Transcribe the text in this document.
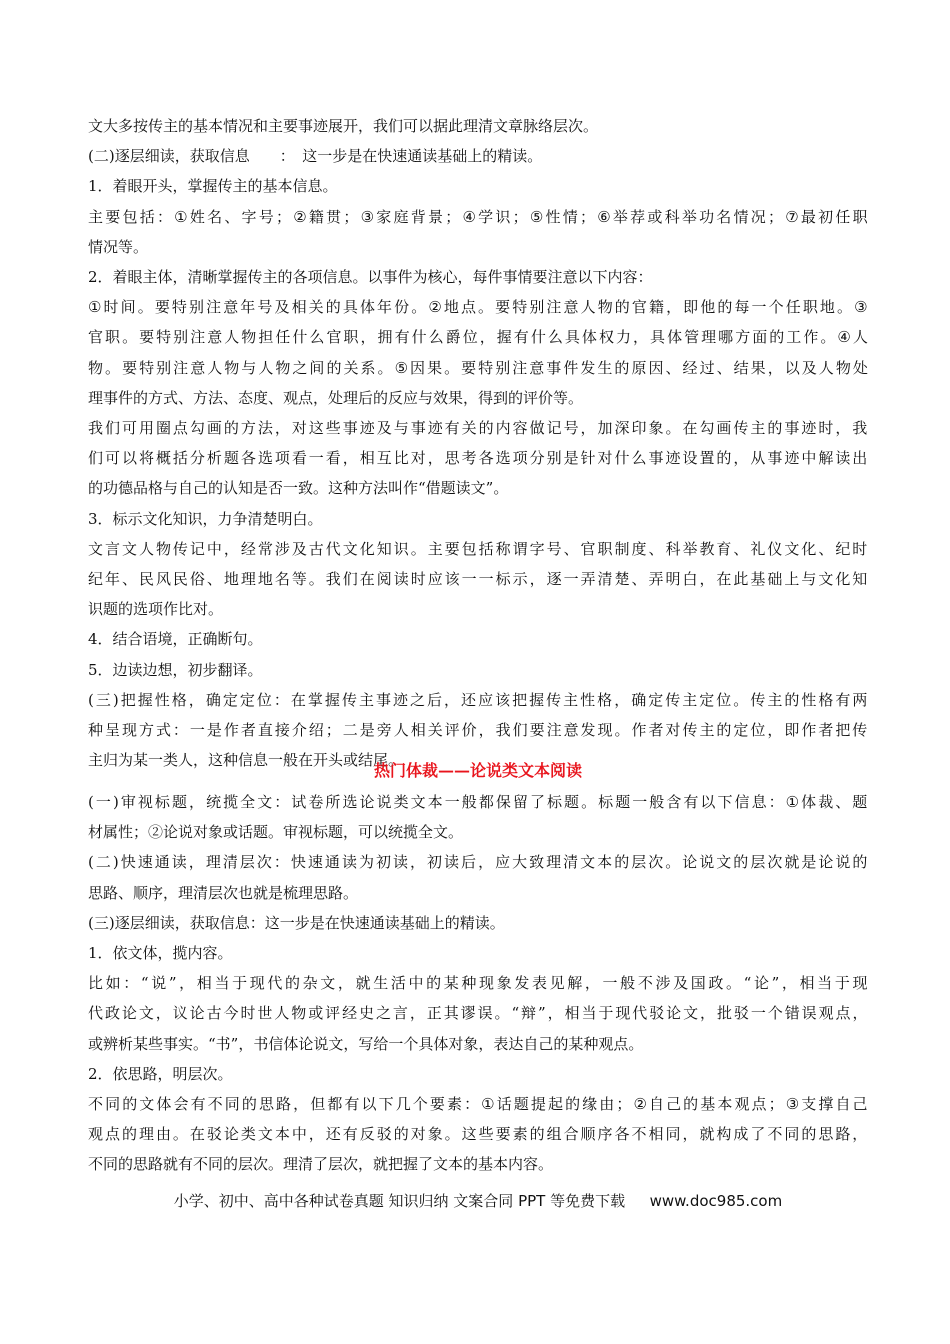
文大多按传主的基本情况和主要事迹展开，我们可以据此理清文章脉络层次。
(二)逐层细读，获取信息　　：　这一步是在快速通读基础上的精读。
1．着眼开头，掌握传主的基本信息。
主 要 包 括 ： ① 姓 名 、 字 号 ； ② 籍 贯 ； ③ 家 庭 背 景 ； ④ 学 识 ； ⑤ 性 情 ； ⑥ 举 荐 或 科 举 功 名 情 况 ； ⑦ 最 初 任 职
情况等。
2．着眼主体，清晰掌握传主的各项信息。以事件为核心，每件事情要注意以下内容：
① 时 间 。 要 特 别 注 意 年 号 及 相 关 的 具 体 年 份 。 ② 地 点 。 要 特 别 注 意 人 物 的 官 籍 ， 即 他 的 每 一 个 任 职 地 。 ③
官 职 。 要 特 别 注 意 人 物 担 任 什 么 官 职 ， 拥 有 什 么 爵 位 ， 握 有 什 么 具 体 权 力 ， 具 体 管 理 哪 方 面 的 工 作 。 ④ 人
物 。 要 特 别 注 意 人 物 与 人 物 之 间 的 关 系 。 ⑤ 因 果 。 要 特 别 注 意 事 件 发 生 的 原 因 、 经 过 、 结 果 ， 以 及 人 物 处
理事件的方式、方法、态度、观点，处理后的反应与效果，得到的评价等。
我 们 可 用 圈 点 勾 画 的 方 法 ， 对 这 些 事 迹 及 与 事 迹 有 关 的 内 容 做 记 号 ， 加 深 印 象 。 在 勾 画 传 主 的 事 迹 时 ， 我
们 可 以 将 概 括 分 析 题 各 选 项 看 一 看 ， 相 互 比 对 ， 思 考 各 选 项 分 别 是 针 对 什 么 事 迹 设 置 的 ， 从 事 迹 中 解 读 出
的功德品格与自己的认知是否一致。这种方法叫作“借题读文”。
3．标示文化知识，力争清楚明白。
文 言 文 人 物 传 记 中 ， 经 常 涉 及 古 代 文 化 知 识 。 主 要 包 括 称 谓 字 号 、 官 职 制 度 、 科 举 教 育 、 礼 仪 文 化 、 纪 时
纪 年 、 民 风 民 俗 、 地 理 地 名 等 。 我 们 在 阅 读 时 应 该 一 一 标 示 ， 逐 一 弄 清 楚 、 弄 明 白 ， 在 此 基 础 上 与 文 化 知
识题的选项作比对。
4．结合语境，正确断句。
5．边读边想，初步翻译。
( 三 ) 把 握 性 格 ， 确 定 定 位 ： 在 掌 握 传 主 事 迹 之 后 ， 还 应 该 把 握 传 主 性 格 ， 确 定 传 主 定 位 。 传 主 的 性 格 有 两
种 呈 现 方 式 ： 一 是 作 者 直 接 介 绍 ； 二 是 旁 人 相 关 评 价 ， 我 们 要 注 意 发 现 。 作 者 对 传 主 的 定 位 ， 即 作 者 把 传
主归为某一类人，这种信息一般在开头或结尾。
热门体裁——论说类文本阅读
( 一 ) 审 视 标 题 ， 统 揽 全 文 ： 试 卷 所 选 论 说 类 文 本 一 般 都 保 留 了 标 题 。 标 题 一 般 含 有 以 下 信 息 ： ① 体 裁 、 题
材属性；②论说对象或话题。审视标题，可以统揽全文。
( 二 ) 快 速 通 读 ， 理 清 层 次 ： 快 速 通 读 为 初 读 ， 初 读 后 ， 应 大 致 理 清 文 本 的 层 次 。 论 说 文 的 层 次 就 是 论 说 的
思路、顺序，理清层次也就是梳理思路。
(三)逐层细读，获取信息：这一步是在快速通读基础上的精读。
1．依文体，揽内容。
比 如 ： “ 说 ” ， 相 当 于 现 代 的 杂 文 ， 就 生 活 中 的 某 种 现 象 发 表 见 解 ， 一 般 不 涉 及 国 政 。 “ 论 ” ， 相 当 于 现
代 政 论 文 ， 议 论 古 今 时 世 人 物 或 评 经 史 之 言 ， 正 其 谬 误 。 “ 辩 ” ， 相 当 于 现 代 驳 论 文 ， 批 驳 一 个 错 误 观 点 ，
或辨析某些事实。“书”，书信体论说文，写给一个具体对象，表达自己的某种观点。
2．依思路，明层次。
不 同 的 文 体 会 有 不 同 的 思 路 ， 但 都 有 以 下 几 个 要 素 ： ① 话 题 提 起 的 缘 由 ； ② 自 己 的 基 本 观 点 ； ③ 支 撑 自 己
观 点 的 理 由 。 在 驳 论 类 文 本 中 ， 还 有 反 驳 的 对 象 。 这 些 要 素 的 组 合 顺 序 各 不 相 同 ， 就 构 成 了 不 同 的 思 路 ，
不同的思路就有不同的层次。理清了层次，就把握了文本的基本内容。
小学、初中、高中各种试卷真题 知识归纳 文案合同 PPT 等免费下载 　 www.doc985.com
